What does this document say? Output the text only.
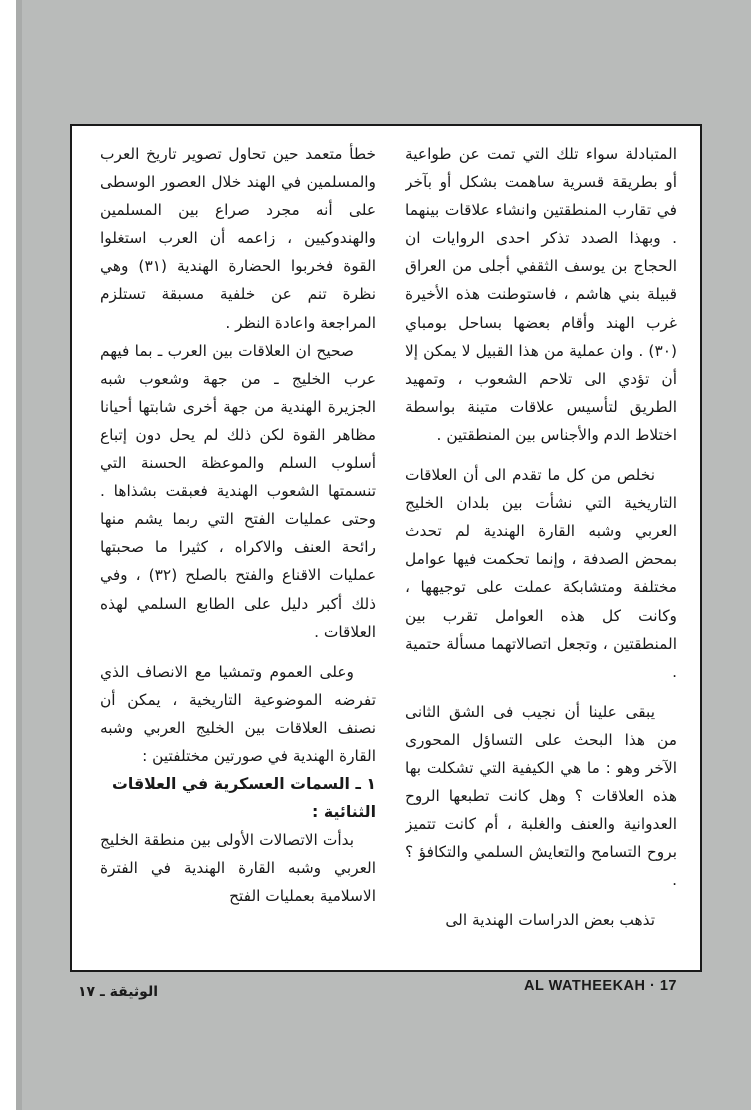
المتبادلة سواء تلك التي تمت عن طواعية أو بطريقة قسرية ساهمت بشكل أو بآخر في تقارب المنطقتين وانشاء علاقات بينهما . وبهذا الصدد تذكر احدى الروايات ان الحجاج بن يوسف الثقفي أجلى من العراق قبيلة بني هاشم ، فاستوطنت هذه الأخيرة غرب الهند وأقام بعضها بساحل بومباي (٣٠) . وان عملية من هذا القبيل لا يمكن إلا أن تؤدي الى تلاحم الشعوب ، وتمهيد الطريق لتأسيس علاقات متينة بواسطة اختلاط الدم والأجناس بين المنطقتين .

نخلص من كل ما تقدم الى أن العلاقات التاريخية التي نشأت بين بلدان الخليج العربي وشبه القارة الهندية لم تحدث بمحض الصدفة ، وإنما تحكمت فيها عوامل مختلفة ومتشابكة عملت على توجيهها ، وكانت كل هذه العوامل تقرب بين المنطقتين ، وتجعل اتصالاتهما مسألة حتمية .

يبقى علينا أن نجيب فى الشق الثانى من هذا البحث على التساؤل المحورى الآخر وهو : ما هي الكيفية التي تشكلت بها هذه العلاقات ؟ وهل كانت تطبعها الروح العدوانية والعنف والغلبة ، أم كانت تتميز بروح التسامح والتعايش السلمي والتكافؤ ؟ .

تذهب بعض الدراسات الهندية الى

خطأ متعمد حين تحاول تصوير تاريخ العرب والمسلمين في الهند خلال العصور الوسطى على أنه مجرد صراع بين المسلمين والهندوكيين ، زاعمه أن العرب استغلوا القوة فخربوا الحضارة الهندية (٣١) وهي نظرة تنم عن خلفية مسبقة تستلزم المراجعة واعادة النظر .

صحيح ان العلاقات بين العرب ـ بما فيهم عرب الخليج ـ من جهة وشعوب شبه الجزيرة الهندية من جهة أخرى شابتها أحيانا مظاهر القوة لكن ذلك لم يحل دون إتباع أسلوب السلم والموعظة الحسنة التي تنسمتها الشعوب الهندية فعبقت بشذاها . وحتى عمليات الفتح التي ربما يشم منها رائحة العنف والاكراه ، كثيرا ما صحبتها عمليات الاقناع والفتح بالصلح (٣٢) ، وفي ذلك أكبر دليل على الطابع السلمي لهذه العلاقات .

وعلى العموم وتمشيا مع الانصاف الذي تفرضه الموضوعية التاريخية ، يمكن أن نصنف العلاقات بين الخليج العربي وشبه القارة الهندية في صورتين مختلفتين :

١ ـ السمات العسكرية في العلاقات الثنائية :

بدأت الاتصالات الأولى بين منطقة الخليج العربي وشبه القارة الهندية في الفترة الاسلامية بعمليات الفتح

الوثيقة ـ ١٧	AL WATHEEKAH · 17
